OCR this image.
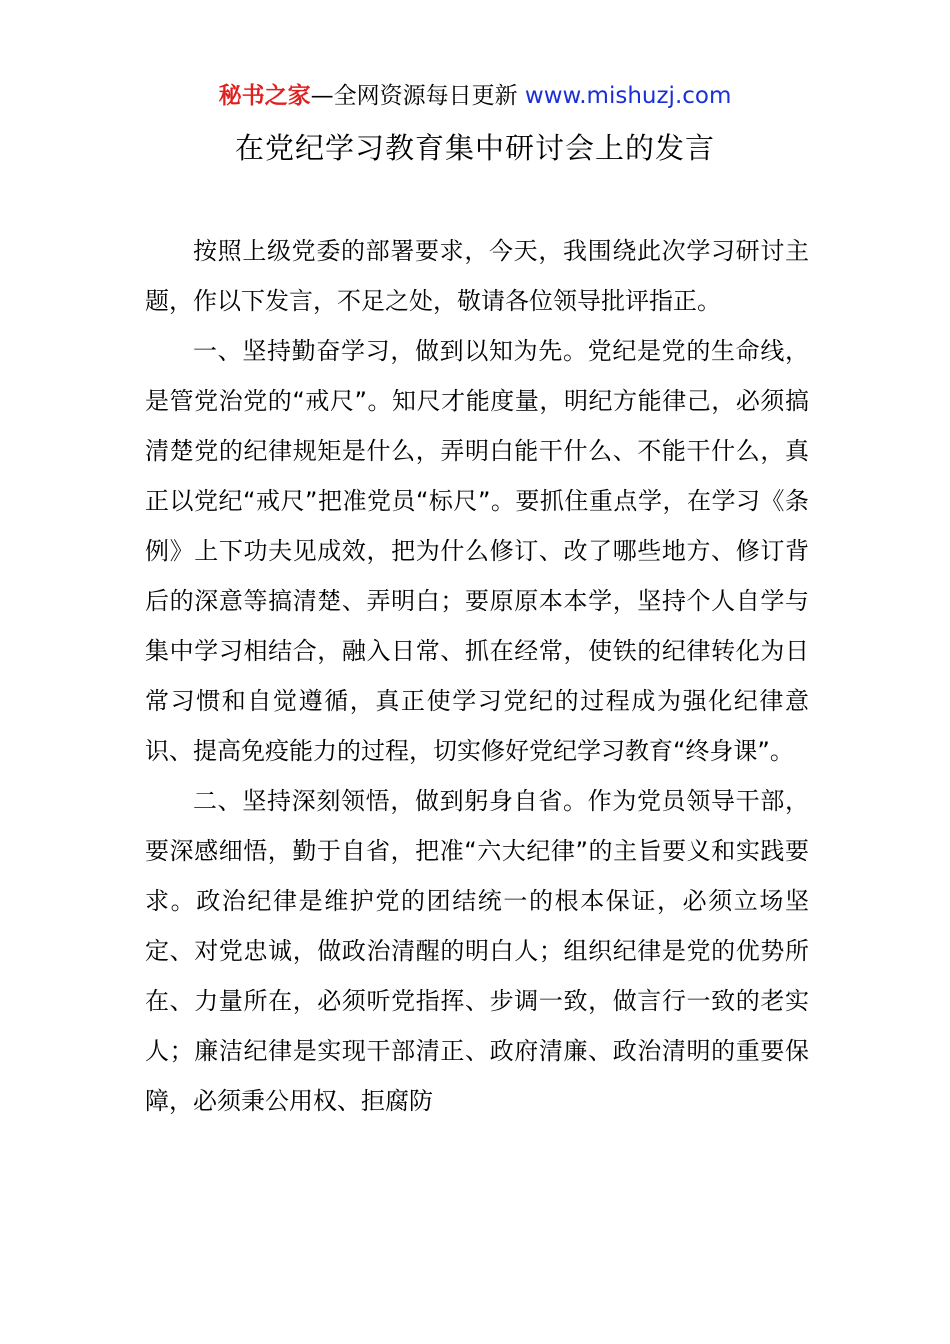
秘书之家—全网资源每日更新 www.mishuzj.com
在党纪学习教育集中研讨会上的发言

按照上级党委的部署要求，今天，我围绕此次学习研讨主题，作以下发言，不足之处，敬请各位领导批评指正。

一、坚持勤奋学习，做到以知为先。党纪是党的生命线，是管党治党的“戒尺”。知尺才能度量，明纪方能律己，必须搞清楚党的纪律规矩是什么，弄明白能干什么、不能干什么，真正以党纪“戒尺”把准党员“标尺”。要抓住重点学，在学习《条例》上下功夫见成效，把为什么修订、改了哪些地方、修订背后的深意等搞清楚、弄明白；要原原本本学，坚持个人自学与集中学习相结合，融入日常、抓在经常，使铁的纪律转化为日常习惯和自觉遵循，真正使学习党纪的过程成为强化纪律意识、提高免疫能力的过程，切实修好党纪学习教育“终身课”。

二、坚持深刻领悟，做到躬身自省。作为党员领导干部，要深感细悟，勤于自省，把准“六大纪律”的主旨要义和实践要求。政治纪律是维护党的团结统一的根本保证，必须立场坚定、对党忠诚，做政治清醒的明白人；组织纪律是党的优势所在、力量所在，必须听党指挥、步调一致，做言行一致的老实人；廉洁纪律是实现干部清正、政府清廉、政治清明的重要保障，必须秉公用权、拒腐防
